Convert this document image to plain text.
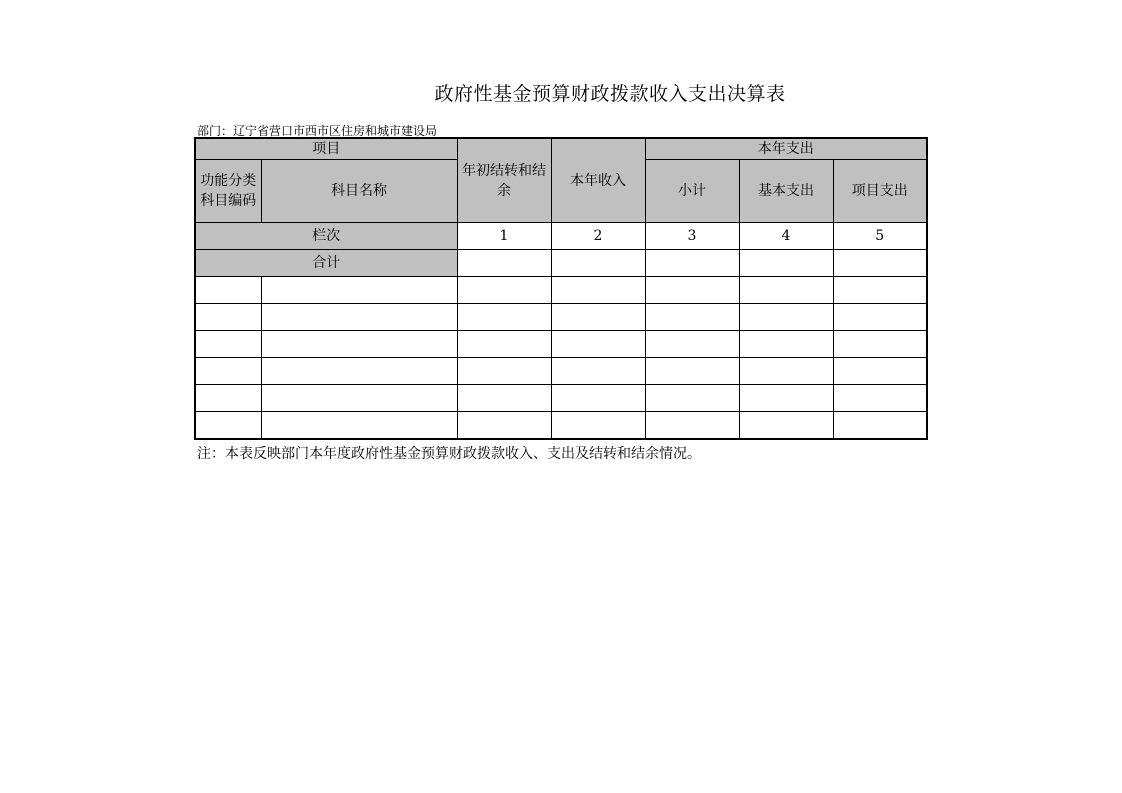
政府性基金预算财政拨款收入支出决算表
部门：辽宁省营口市西市区住房和城市建设局
项目		年初结转和结余	本年收入	本年支出		
功能分类科目编码	科目名称			小计	基本支出	项目支出
栏次		1	2	3	4	5
合计						

注：本表反映部门本年度政府性基金预算财政拨款收入、支出及结转和结余情况。
